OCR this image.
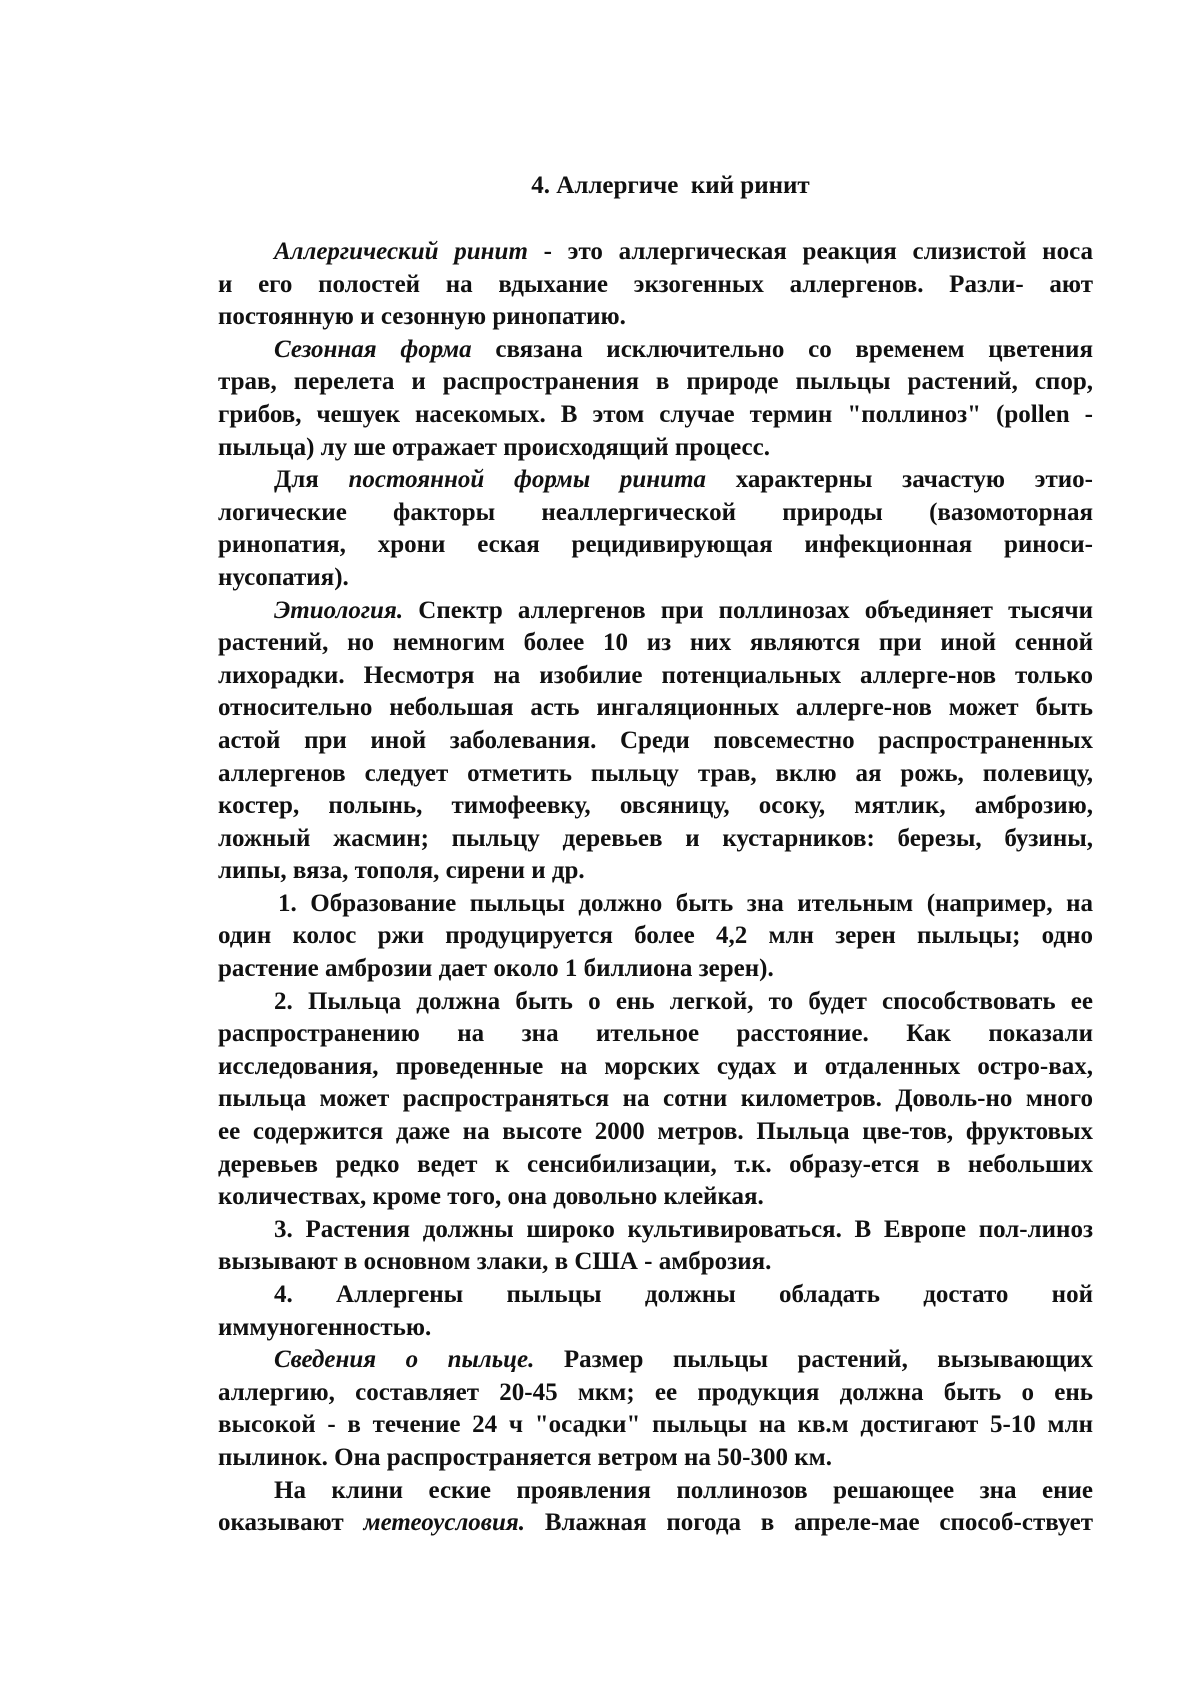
4. Аллергиче  кий ринит
Аллергический ринит - это аллергическая реакция слизистой носа
и его полостей на вдыхание экзогенных аллергенов. Разли- ают
постоянную и сезонную ринопатию.
Сезонная форма связана исключительно со временем цветения
трав, перелета и распространения в природе пыльцы растений, спор,
грибов, чешуек насекомых. В этом случае термин "поллиноз" (pollen -
пыльца) лу ше отражает происходящий процесс.
Для постоянной формы ринита характерны зачастую этио-
логические факторы неаллергической природы (вазомоторная
ринопатия, хрони еская рецидивирующая инфекционная риноси-
нусопатия).
Этиология. Спектр аллергенов при поллинозах объединяет тысячи
растений, но немногим более 10 из них являются при иной сенной
лихорадки. Несмотря на изобилие потенциальных аллерге-нов только
относительно небольшая асть ингаляционных аллерге-нов может быть
астой при иной заболевания. Среди повсеместно распространенных
аллергенов следует отметить пыльцу трав, вклю ая рожь, полевицу,
костер, полынь, тимофеевку, овсяницу, осоку, мятлик, амброзию,
ложный жасмин; пыльцу деревьев и кустарников: березы, бузины,
липы, вяза, тополя, сирени и др.
1. Образование пыльцы должно быть зна ительным (например, на
один колос ржи продуцируется более 4,2 млн зерен пыльцы; одно
растение амброзии дает около 1 биллиона зерен).
2. Пыльца должна быть о ень легкой, то будет способствовать ее
распространению на зна ительное расстояние. Как показали
исследования, проведенные на морских судах и отдаленных остро-вах,
пыльца может распространяться на сотни километров. Доволь-но много
ее содержится даже на высоте 2000 метров. Пыльца цве-тов, фруктовых
деревьев редко ведет к сенсибилизации, т.к. образу-ется в небольших
количествах, кроме того, она довольно клейкая.
3. Растения должны широко культивироваться. В Европе пол-линоз
вызывают в основном злаки, в США - амброзия.
4. Аллергены пыльцы должны обладать достато ной
иммуногенностью.
Сведения о пыльце. Размер пыльцы растений, вызывающих
аллергию, составляет 20-45 мкм; ее продукция должна быть о ень
высокой - в течение 24 ч "осадки" пыльцы на кв.м достигают 5-10 млн
пылинок. Она распространяется ветром на 50-300 км.
На клини еские проявления поллинозов решающее зна ение
оказывают метеоусловия. Влажная погода в апреле-мае способ-ствует
